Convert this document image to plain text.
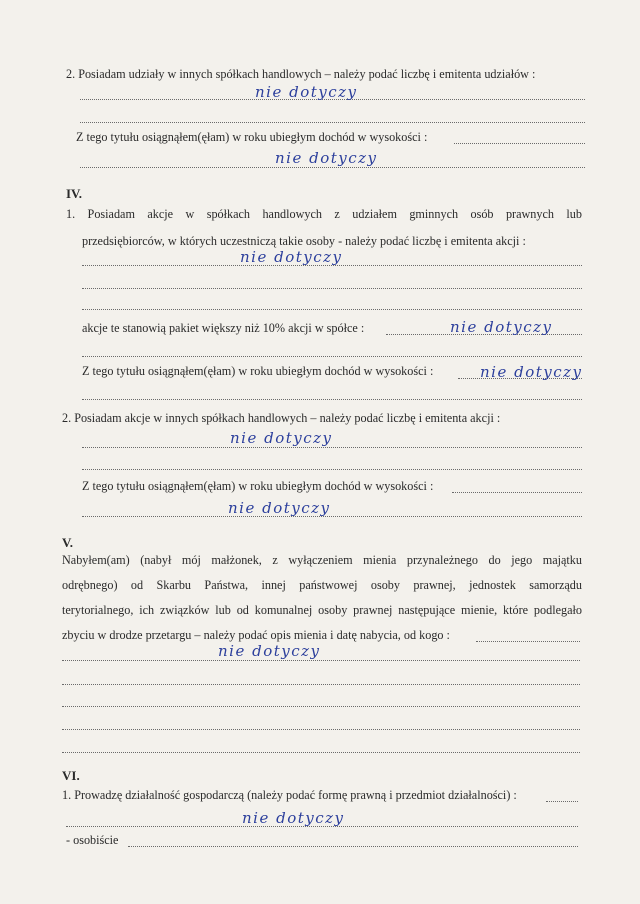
2. Posiadam udziały w innych spółkach handlowych – należy podać liczbę i emitenta udziałów :
nie dotyczy
Z tego tytułu osiągnąłem(ęłam) w roku ubiegłym dochód w wysokości :
nie dotyczy
IV.
1. Posiadam akcje w spółkach handlowych z udziałem gminnych osób prawnych lub
przedsiębiorców, w których uczestniczą takie osoby - należy podać liczbę i emitenta akcji :
nie dotyczy
akcje te stanowią pakiet większy niż 10% akcji w spółce :	nie dotyczy
Z tego tytułu osiągnąłem(ęłam) w roku ubiegłym dochód w wysokości :	nie dotyczy
2. Posiadam akcje w innych spółkach handlowych – należy podać liczbę i emitenta akcji :
nie dotyczy
Z tego tytułu osiągnąłem(ęłam) w roku ubiegłym dochód w wysokości :
nie dotyczy
V.
Nabyłem(am) (nabył mój małżonek, z wyłączeniem mienia przynależnego do jego majątku
odrębnego) od Skarbu Państwa, innej państwowej osoby prawnej, jednostek samorządu
terytorialnego, ich związków lub od komunalnej osoby prawnej następujące mienie, które podlegało
zbyciu w drodze przetargu – należy podać opis mienia i datę nabycia, od kogo :
nie dotyczy
VI.
1. Prowadzę działalność gospodarczą (należy podać formę prawną i przedmiot działalności) :
nie dotyczy
- osobiście
